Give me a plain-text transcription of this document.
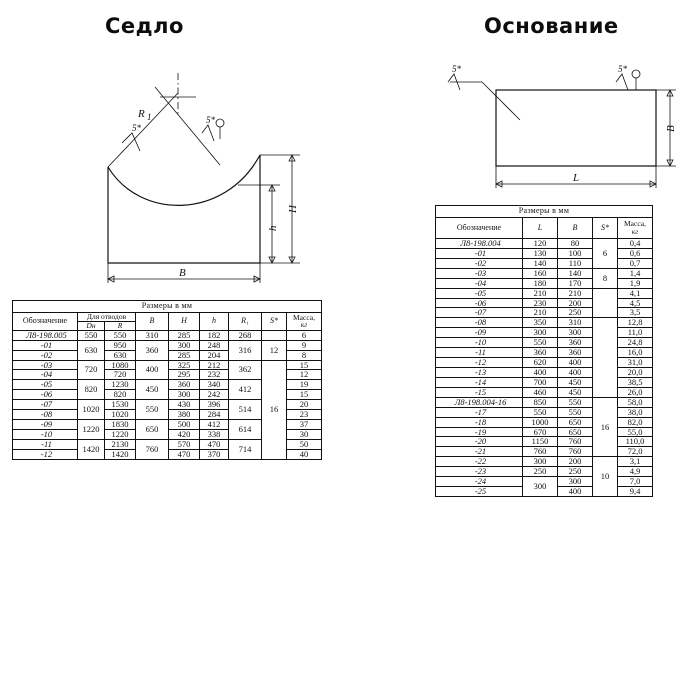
Седло	Основание
R 1
5*
5*
H
h
B
5*	5*
B
L
Размеры в мм								
Обозначение	Для отводов		B	H	h	R₁	S*	Масса,
кг
	Dн	R						
Л8-198.005	550	550	310	285	182	268		6
-01	630	950	360	300	248	316	12	9
-02		630		285	204			8
-03	720	1080	400	325	212	362	16	15
-04		720		295	232			12
-05	820	1230	450	360	340	412		19
-06		820		300	242			15
-07	1020	1530	550	430	396	514		20
-08		1020		380	284			23
-09	1220	1830	650	500	412	614		37
-10		1220		420	338			30
-11	1420	2130	760	570	470	714		50
-12		1420		470	370			40
Размеры в мм				
Обозначение	L	B	S*	Масса,
кг
Л8-198.004	120	80	6	0,4
-01	130	100		0,6
-02	140	110		0,7
-03	160	140	8	1,4
-04	180	170		1,9
-05	210	210		4,1
-06	230	200		4,5
-07	210	250		3,5
-08	350	310		12,8
-09	300	300		11,0
-10	550	360		24,8
-11	360	360		16,0
-12	620	400		31,0
-13	400	400		20,0
-14	700	450		38,5
-15	460	450		26,0
Л8-198.004-16	850	550	16	58,0
-17	550	550		38,0
-18	1000	650		82,0
-19	670	650		55,0
-20	1150	760		110,0
-21	760	760		72,0
-22	300	200	10	3,1
-23	250	250		4,9
-24	300	300		7,0
-25		400		9,4
